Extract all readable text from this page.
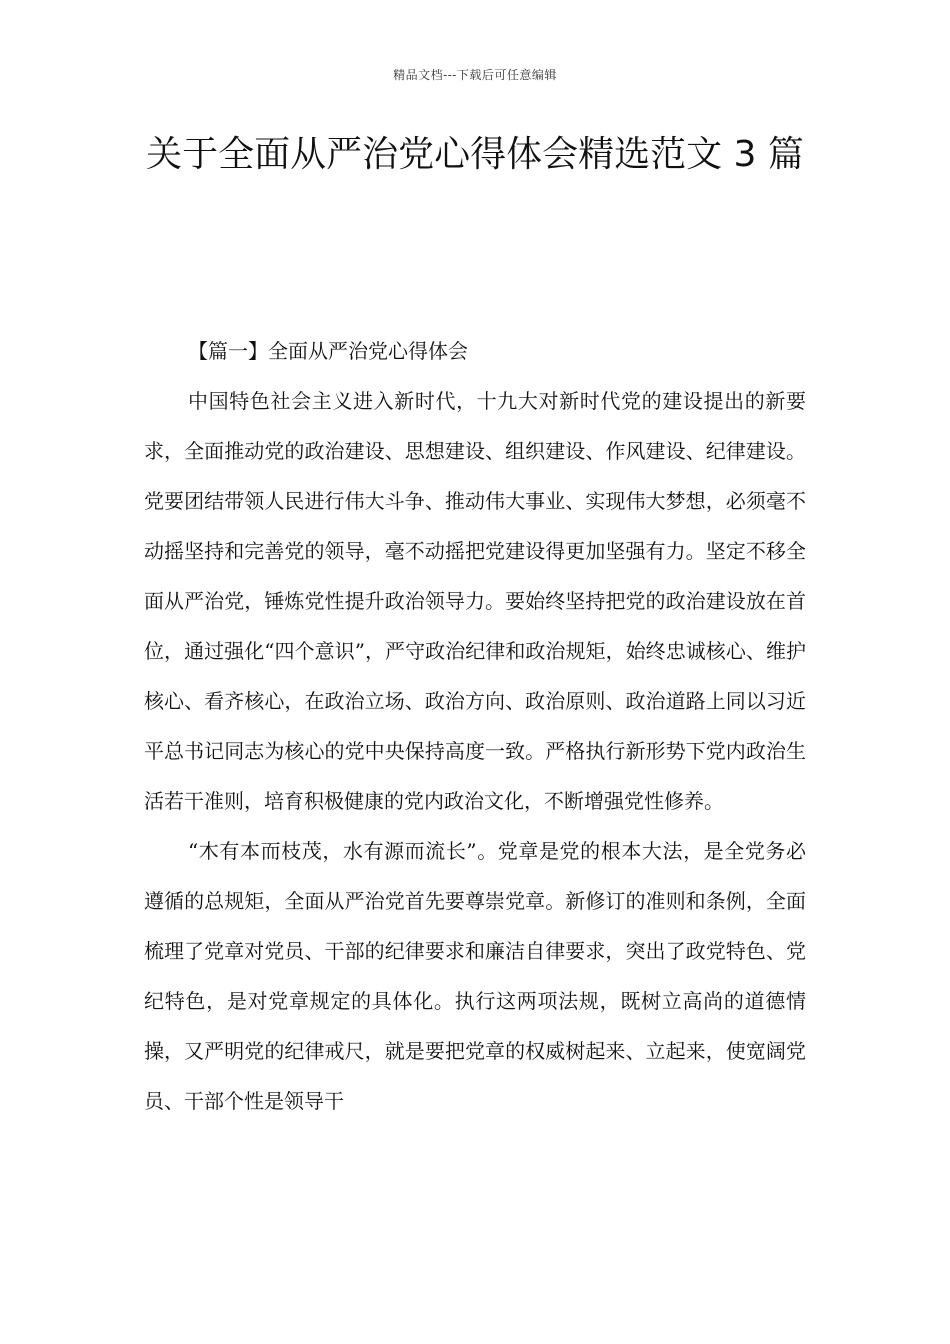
精品文档---下载后可任意编辑
关于全面从严治党心得体会精选范文 3 篇

【篇一】全面从严治党心得体会

中国特色社会主义进入新时代，十九大对新时代党的建设提出的新要求，全面推动党的政治建设、思想建设、组织建设、作风建设、纪律建设。党要团结带领人民进行伟大斗争、推动伟大事业、实现伟大梦想，必须毫不动摇坚持和完善党的领导，毫不动摇把党建设得更加坚强有力。坚定不移全面从严治党，锤炼党性提升政治领导力。要始终坚持把党的政治建设放在首位，通过强化“四个意识”，严守政治纪律和政治规矩，始终忠诚核心、维护核心、看齐核心，在政治立场、政治方向、政治原则、政治道路上同以习近平总书记同志为核心的党中央保持高度一致。严格执行新形势下党内政治生活若干准则，培育积极健康的党内政治文化，不断增强党性修养。

“木有本而枝茂，水有源而流长”。党章是党的根本大法，是全党务必遵循的总规矩，全面从严治党首先要尊崇党章。新修订的准则和条例，全面梳理了党章对党员、干部的纪律要求和廉洁自律要求，突出了政党特色、党纪特色，是对党章规定的具体化。执行这两项法规，既树立高尚的道德情操，又严明党的纪律戒尺，就是要把党章的权威树起来、立起来，使宽阔党员、干部个性是领导干
